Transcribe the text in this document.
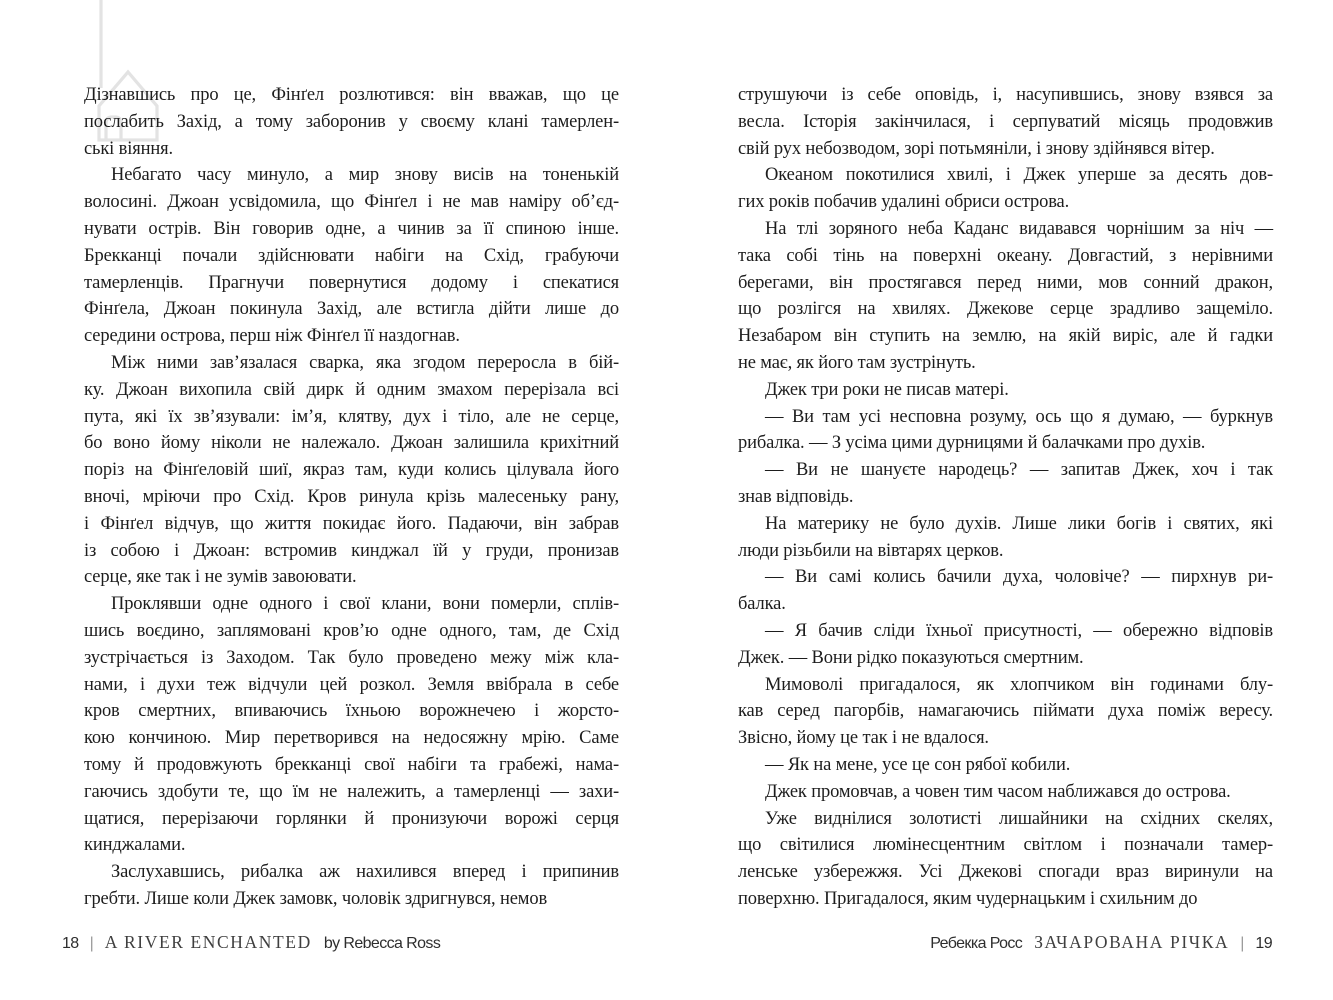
Дізнавшись про це, Фінґел розлютився: він вважав, що це
послабить Захід, а тому заборонив у своєму клані тамерлен-
ські віяння.
Небагато часу минуло, а мир знову висів на тоненькій
волосині. Джоан усвідомила, що Фінґел і не мав наміру об’єд-
нувати острів. Він говорив одне, а чинив за її спиною інше.
Брекканці почали здійснювати набіги на Схід, грабуючи
тамерленців. Прагнучи повернутися додому і спекатися
Фінґела, Джоан покинула Захід, але встигла дійти лише до
середини острова, перш ніж Фінґел її наздогнав.
Між ними зав’язалася сварка, яка згодом переросла в бій-
ку. Джоан вихопила свій дирк й одним змахом перерізала всі
пута, які їх зв’язували: ім’я, клятву, дух і тіло, але не серце,
бо воно йому ніколи не належало. Джоан залишила крихітний
поріз на Фінґеловій шиї, якраз там, куди колись цілувала його
вночі, мріючи про Схід. Кров ринула крізь малесеньку рану,
і Фінґел відчув, що життя покидає його. Падаючи, він забрав
із собою і Джоан: встромив кинджал їй у груди, пронизав
серце, яке так і не зумів завоювати.
Проклявши одне одного і свої клани, вони померли, сплів-
шись воєдино, заплямовані кров’ю одне одного, там, де Схід
зустрічається із Заходом. Так було проведено межу між кла-
нами, і духи теж відчули цей розкол. Земля ввібрала в себе
кров смертних, впиваючись їхньою ворожнечею і жорсто-
кою кончиною. Мир перетворився на недосяжну мрію. Саме
тому й продовжують брекканці свої набіги та грабежі, нама-
гаючись здобути те, що їм не належить, а тамерленці — захи-
щатися, перерізаючи горлянки й пронизуючи ворожі серця
кинджалами.
Заслухавшись, рибалка аж нахилився вперед і припинив
гребти. Лише коли Джек замовк, чоловік здригнувся, немов
18 | A RIVER ENCHANTED by Rebecca Ross
струшуючи із себе оповідь, і, насупившись, знову взявся за
весла. Історія закінчилася, і серпуватий місяць продовжив
свій рух небозводом, зорі потьмяніли, і знову здійнявся вітер.
Океаном покотилися хвилі, і Джек уперше за десять дов-
гих років побачив удалині обриси острова.
На тлі зоряного неба Каданс видавався чорнішим за ніч —
така собі тінь на поверхні океану. Довгастий, з нерівними
берегами, він простягався перед ними, мов сонний дракон,
що розлігся на хвилях. Джекове серце зрадливо защеміло.
Незабаром він ступить на землю, на якій виріс, але й гадки
не має, як його там зустрінуть.
Джек три роки не писав матері.
— Ви там усі несповна розуму, ось що я думаю, — буркнув
рибалка. — З усіма цими дурницями й балачками про духів.
— Ви не шануєте народець? — запитав Джек, хоч і так
знав відповідь.
На материку не було духів. Лише лики богів і святих, які
люди різьбили на вівтарях церков.
— Ви самі колись бачили духа, чоловіче? — пирхнув ри-
балка.
— Я бачив сліди їхньої присутності, — обережно відповів
Джек. — Вони рідко показуються смертним.
Мимоволі пригадалося, як хлопчиком він годинами блу-
кав серед пагорбів, намагаючись піймати духа поміж вересу.
Звісно, йому це так і не вдалося.
— Як на мене, усе це сон рябої кобили.
Джек промовчав, а човен тим часом наближався до острова.
Уже виднілися золотисті лишайники на східних скелях,
що світилися люмінесцентним світлом і позначали тамер-
ленське узбережжя. Усі Джекові спогади враз виринули на
поверхню. Пригадалося, яким чудернацьким і схильним до
Ребекка Росс ЗАЧАРОВАНА РІЧКА | 19
